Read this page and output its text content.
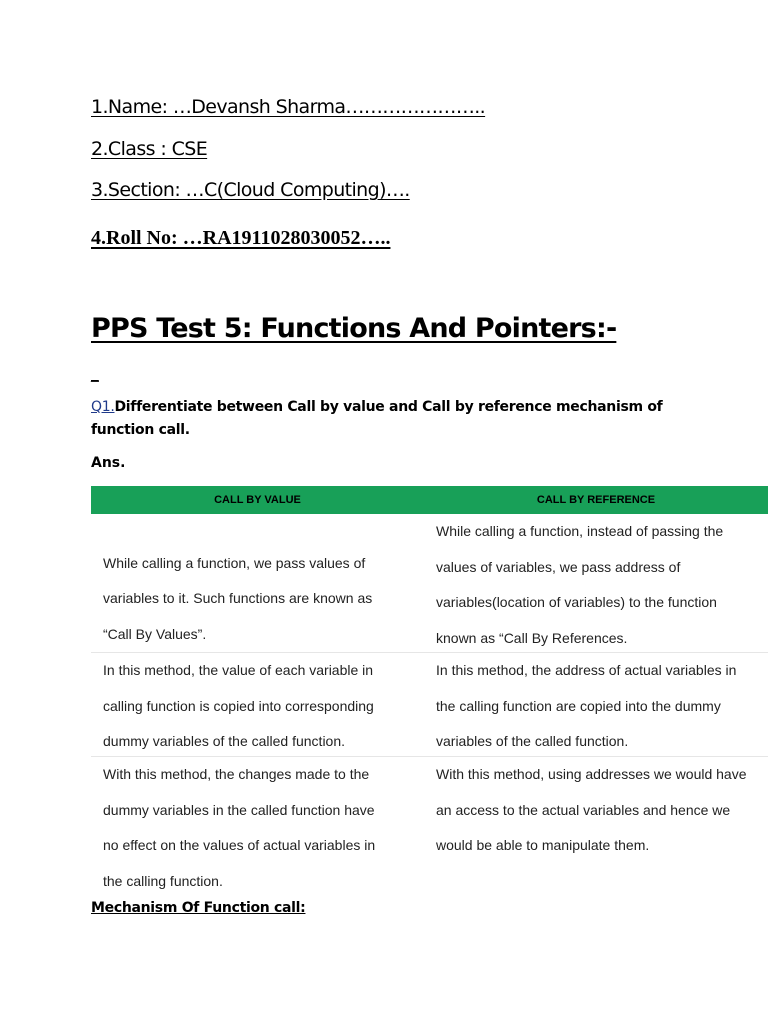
1.Name: …Devansh Sharma…………………..
2.Class : CSE
3.Section: …C(Cloud Computing)….
4.Roll No: …RA1911028030052…..
PPS Test 5: Functions And Pointers:-
_
Q1.Differentiate between Call by value and Call by reference mechanism of function call.
Ans.
CALL BY VALUE	CALL BY REFERENCE
While calling a function, we pass values of
variables to it. Such functions are known as
“Call By Values”.
While calling a function, instead of passing the
values of variables, we pass address of
variables(location of variables) to the function
known as “Call By References.
In this method, the value of each variable in
calling function is copied into corresponding
dummy variables of the called function.
In this method, the address of actual variables in
the calling function are copied into the dummy
variables of the called function.
With this method, the changes made to the
dummy variables in the called function have
no effect on the values of actual variables in
the calling function.
With this method, using addresses we would have
an access to the actual variables and hence we
would be able to manipulate them.
Mechanism Of Function call:
